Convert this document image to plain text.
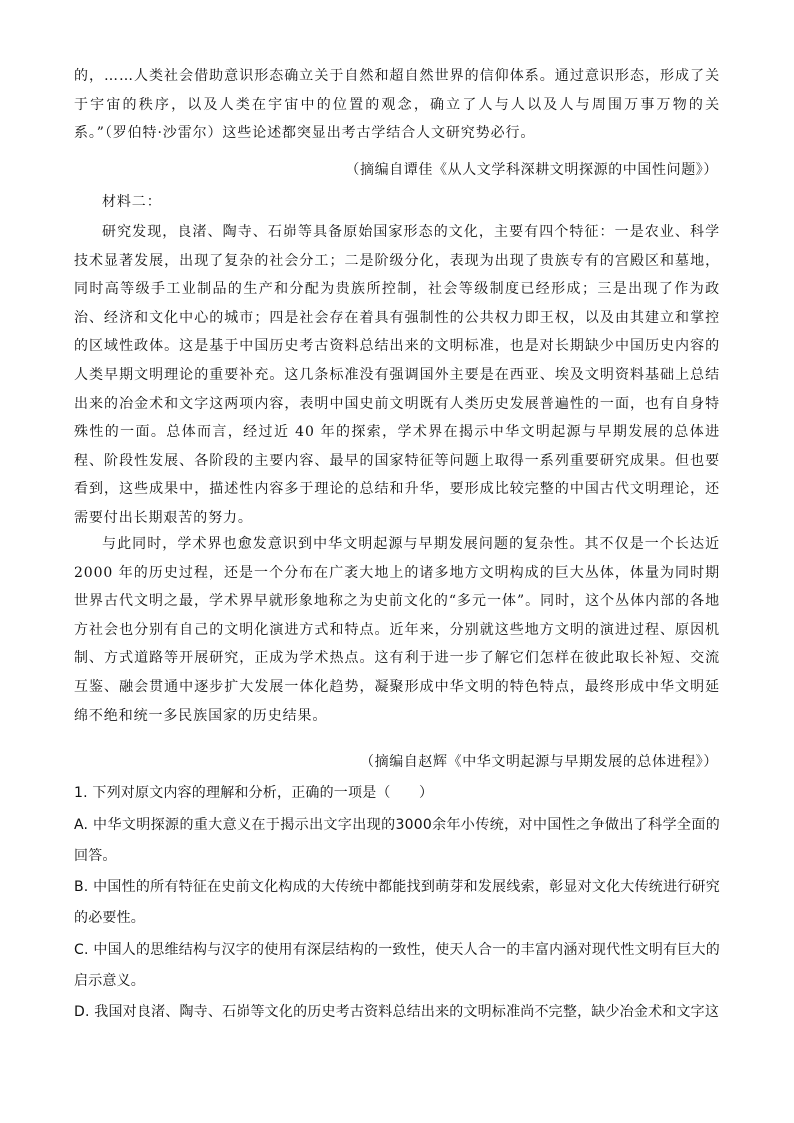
的，……人类社会借助意识形态确立关于自然和超自然世界的信仰体系。通过意识形态，形成了关于宇宙的秩序，以及人类在宇宙中的位置的观念，确立了人与人以及人与周围万事万物的关系。”（罗伯特·沙雷尔）这些论述都突显出考古学结合人文研究势必行。

（摘编自谭佳《从人文学科深耕文明探源的中国性问题》）

材料二：

研究发现，良渚、陶寺、石峁等具备原始国家形态的文化，主要有四个特征：一是农业、科学技术显著发展，出现了复杂的社会分工；二是阶级分化，表现为出现了贵族专有的宫殿区和墓地，同时高等级手工业制品的生产和分配为贵族所控制，社会等级制度已经形成；三是出现了作为政治、经济和文化中心的城市；四是社会存在着具有强制性的公共权力即王权，以及由其建立和掌控的区域性政体。这是基于中国历史考古资料总结出来的文明标准，也是对长期缺少中国历史内容的人类早期文明理论的重要补充。这几条标准没有强调国外主要是在西亚、埃及文明资料基础上总结出来的冶金术和文字这两项内容，表明中国史前文明既有人类历史发展普遍性的一面，也有自身特殊性的一面。总体而言，经过近 40 年的探索，学术界在揭示中华文明起源与早期发展的总体进程、阶段性发展、各阶段的主要内容、最早的国家特征等问题上取得一系列重要研究成果。但也要看到，这些成果中，描述性内容多于理论的总结和升华，要形成比较完整的中国古代文明理论，还需要付出长期艰苦的努力。

与此同时，学术界也愈发意识到中华文明起源与早期发展问题的复杂性。其不仅是一个长达近 2000 年的历史过程，还是一个分布在广袤大地上的诸多地方文明构成的巨大丛体，体量为同时期世界古代文明之最，学术界早就形象地称之为史前文化的“多元一体”。同时，这个丛体内部的各地方社会也分别有自己的文明化演进方式和特点。近年来，分别就这些地方文明的演进过程、原因机制、方式道路等开展研究，正成为学术热点。这有利于进一步了解它们怎样在彼此取长补短、交流互鉴、融会贯通中逐步扩大发展一体化趋势，凝聚形成中华文明的特色特点，最终形成中华文明延绵不绝和统一多民族国家的历史结果。

（摘编自赵辉《中华文明起源与早期发展的总体进程》）

1. 下列对原文内容的理解和分析，正确的一项是（　　）

A. 中华文明探源的重大意义在于揭示出文字出现的3000余年小传统，对中国性之争做出了科学全面的回答。

B. 中国性的所有特征在史前文化构成的大传统中都能找到萌芽和发展线索，彰显对文化大传统进行研究的必要性。

C. 中国人的思维结构与汉字的使用有深层结构的一致性，使天人合一的丰富内涵对现代性文明有巨大的启示意义。

D. 我国对良渚、陶寺、石峁等文化的历史考古资料总结出来的文明标准尚不完整，缺少冶金术和文字这
